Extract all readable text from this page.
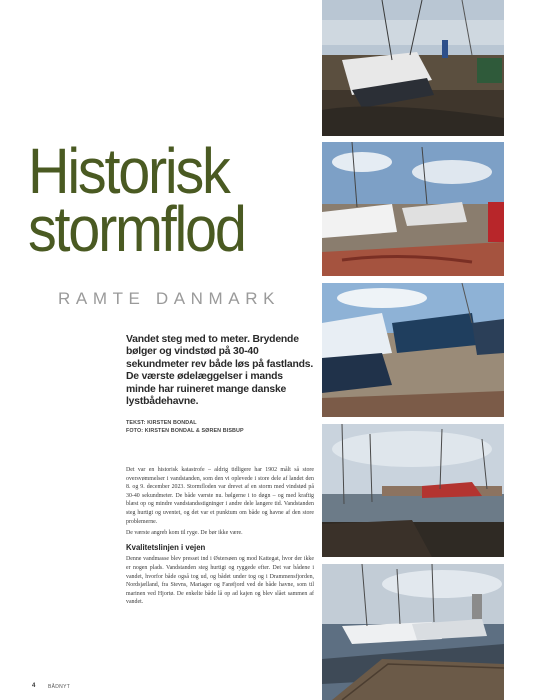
Historisk
stormflod
RAMTE DANMARK
Vandet steg med to meter. Brydende bølger og vindstød på 30-40 sekundmeter rev både løs på fastlands. De værste ødelæggelser i mands minde har ruineret mange danske lystbådehavne.
TEKST: KIRSTEN BONDAL
FOTO: KIRSTEN BONDAL & SØREN BISBUP

Det var en historisk katastrofe – aldrig tidligere har 1902 målt så store oversvømmelser i vandstanden, som den vi oplevede i store dele af landet den 8. og 9. december 2023. Stormfloden var drevet af en storm med vindstød på 30-40 sekundmeter. De både værste nu. bølgerne i to døgn – og med kraftig blæst op og mindre vandstandsstigninger i andre dele langere tid. Vandstanden steg hurtigt og uventet, og det var et punktum om både og havne af den store problemerne.

De værste angreb kom til ryge. De bør ikke være.

Kvalitetslinjen i vejen

Denne vandmasse blev presset ind i Østersøen og mod Kattegat, hvor der ikke er nogen plads. Vandstanden steg hurtigt og ryggede efter. Det var bådene i vandet, hvorfor både også tog ud, og bådet under tog og i Drammensfjorden, Nordsjælland, fra Stevns, Mariager og Farøfjord ved de både havne, som til marinen ved Hjortø. De enkelte både lå op ad kajen og blev slået sammen af vandet.

4	BÅDNYT
